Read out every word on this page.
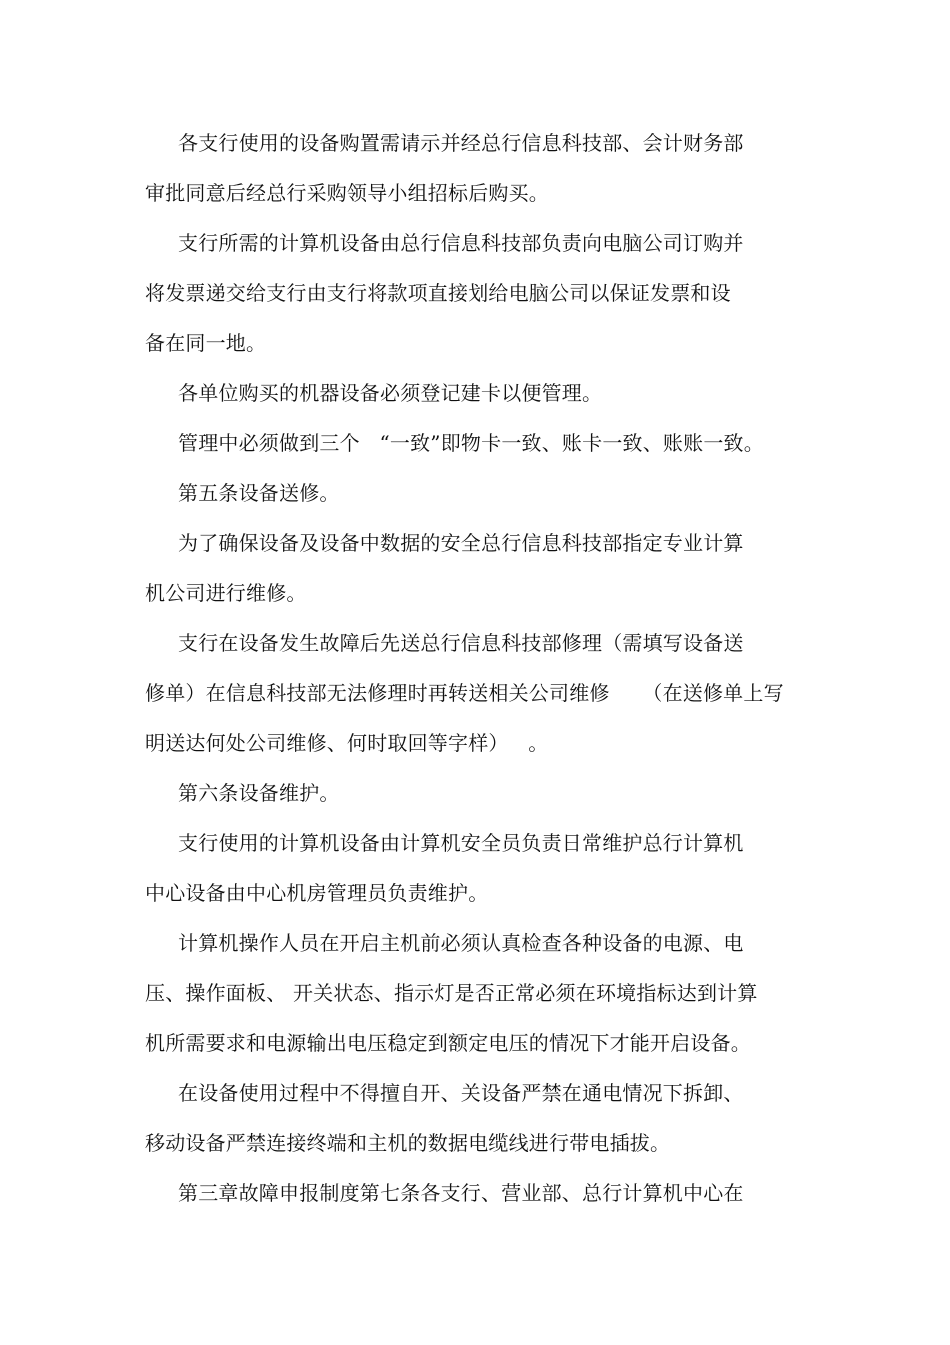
各支行使用的设备购置需请示并经总行信息科技部、会计财务部
审批同意后经总行采购领导小组招标后购买。
支行所需的计算机设备由总行信息科技部负责向电脑公司订购并
将发票递交给支行由支行将款项直接划给电脑公司以保证发票和设
备在同一地。
各单位购买的机器设备必须登记建卡以便管理。
管理中必须做到三个   “一致”即物卡一致、账卡一致、账账一致。
第五条设备送修。
为了确保设备及设备中数据的安全总行信息科技部指定专业计算
机公司进行维修。
支行在设备发生故障后先送总行信息科技部修理（需填写设备送
修单）在信息科技部无法修理时再转送相关公司维修     （在送修单上写
明送达何处公司维修、何时取回等字样）   。
第六条设备维护。
支行使用的计算机设备由计算机安全员负责日常维护总行计算机
中心设备由中心机房管理员负责维护。
计算机操作人员在开启主机前必须认真检查各种设备的电源、电
压、操作面板、 开关状态、指示灯是否正常必须在环境指标达到计算
机所需要求和电源输出电压稳定到额定电压的情况下才能开启设备。
在设备使用过程中不得擅自开、关设备严禁在通电情况下拆卸、
移动设备严禁连接终端和主机的数据电缆线进行带电插拔。
第三章故障申报制度第七条各支行、营业部、总行计算机中心在
